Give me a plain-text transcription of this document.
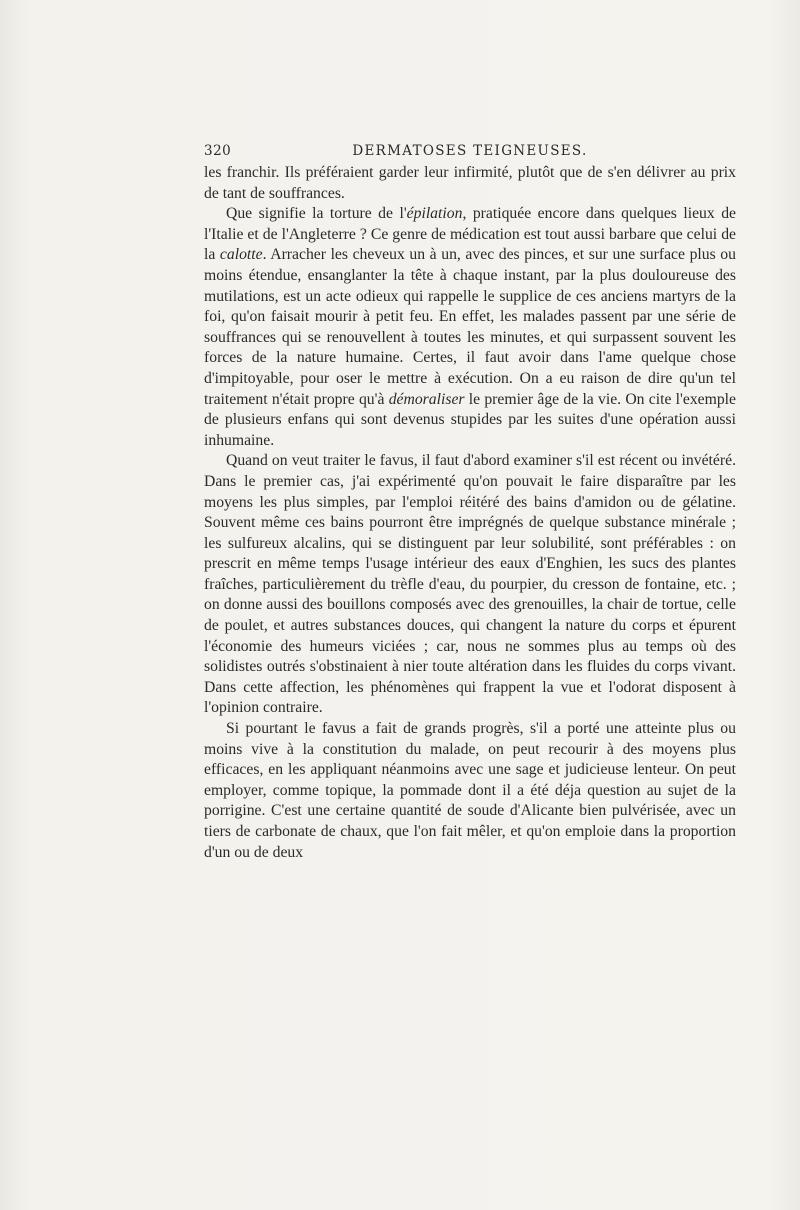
320	DERMATOSES TEIGNEUSES.

les franchir. Ils préféraient garder leur infirmité, plutôt que de s'en délivrer au prix de tant de souffrances.

Que signifie la torture de l'épilation, pratiquée encore dans quelques lieux de l'Italie et de l'Angleterre ? Ce genre de médication est tout aussi barbare que celui de la calotte. Arracher les cheveux un à un, avec des pinces, et sur une surface plus ou moins étendue, ensanglanter la tête à chaque instant, par la plus douloureuse des mutilations, est un acte odieux qui rappelle le supplice de ces anciens martyrs de la foi, qu'on faisait mourir à petit feu. En effet, les malades passent par une série de souffrances qui se renouvellent à toutes les minutes, et qui surpassent souvent les forces de la nature humaine. Certes, il faut avoir dans l'ame quelque chose d'impitoyable, pour oser le mettre à exécution. On a eu raison de dire qu'un tel traitement n'était propre qu'à démoraliser le premier âge de la vie. On cite l'exemple de plusieurs enfans qui sont devenus stupides par les suites d'une opération aussi inhumaine.

Quand on veut traiter le favus, il faut d'abord examiner s'il est récent ou invétéré. Dans le premier cas, j'ai expérimenté qu'on pouvait le faire disparaître par les moyens les plus simples, par l'emploi réitéré des bains d'amidon ou de gélatine. Souvent même ces bains pourront être imprégnés de quelque substance minérale ; les sulfureux alcalins, qui se distinguent par leur solubilité, sont préférables : on prescrit en même temps l'usage intérieur des eaux d'Enghien, les sucs des plantes fraîches, particulièrement du trèfle d'eau, du pourpier, du cresson de fontaine, etc. ; on donne aussi des bouillons composés avec des grenouilles, la chair de tortue, celle de poulet, et autres substances douces, qui changent la nature du corps et épurent l'économie des humeurs viciées ; car, nous ne sommes plus au temps où des solidistes outrés s'obstinaient à nier toute altération dans les fluides du corps vivant. Dans cette affection, les phénomènes qui frappent la vue et l'odorat disposent à l'opinion contraire.

Si pourtant le favus a fait de grands progrès, s'il a porté une atteinte plus ou moins vive à la constitution du malade, on peut recourir à des moyens plus efficaces, en les appliquant néanmoins avec une sage et judicieuse lenteur. On peut employer, comme topique, la pommade dont il a été déja question au sujet de la porrigine. C'est une certaine quantité de soude d'Alicante bien pulvérisée, avec un tiers de carbonate de chaux, que l'on fait mêler, et qu'on emploie dans la proportion d'un ou de deux
